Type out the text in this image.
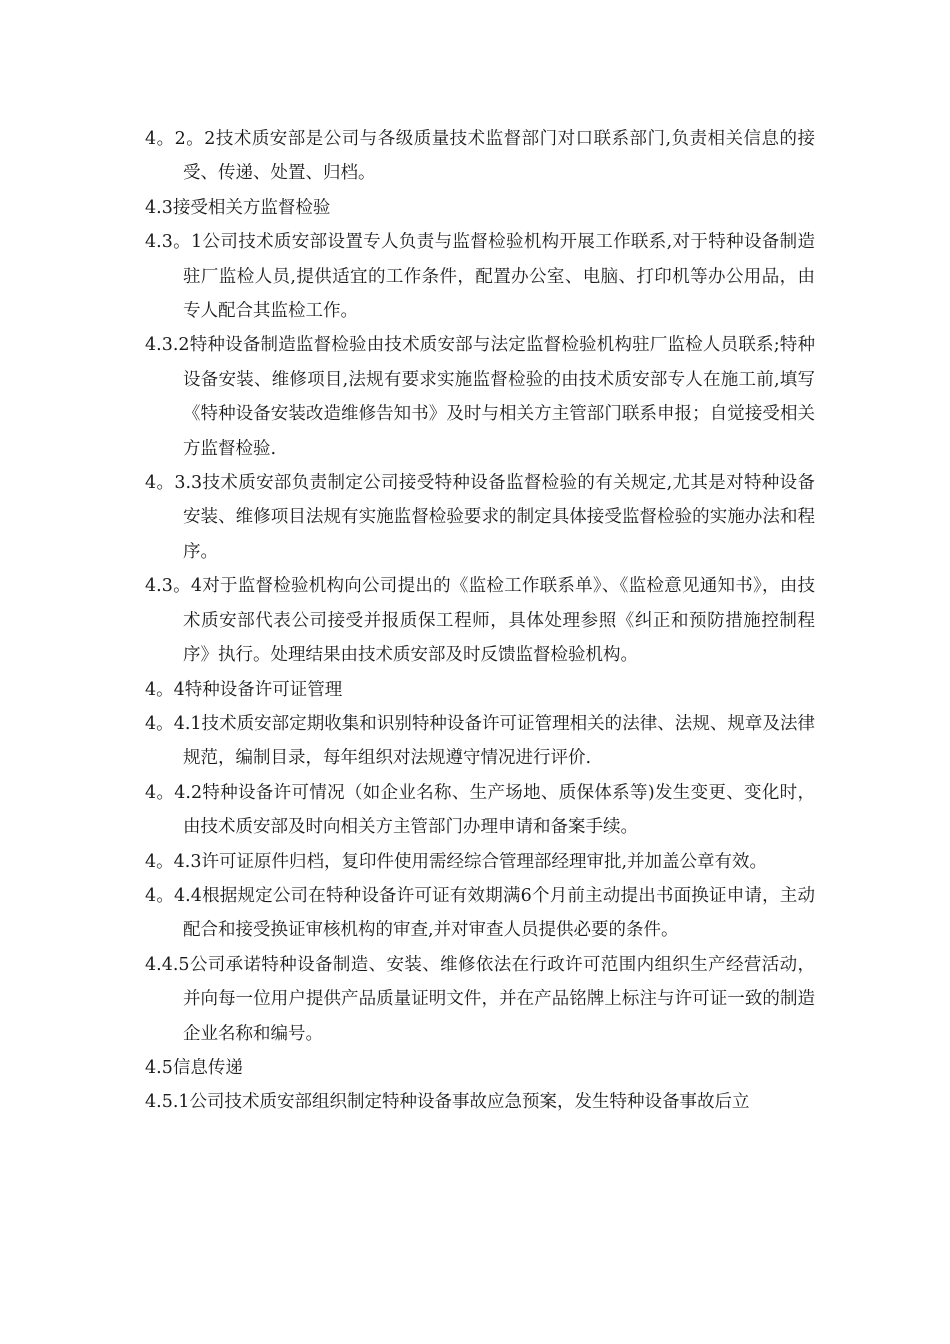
4。2。2技术质安部是公司与各级质量技术监督部门对口联系部门,负责相关信息的接受、传递、处置、归档。

4.3接受相关方监督检验

4.3。1公司技术质安部设置专人负责与监督检验机构开展工作联系,对于特种设备制造驻厂监检人员,提供适宜的工作条件，配置办公室、电脑、打印机等办公用品，由专人配合其监检工作。

4.3.2特种设备制造监督检验由技术质安部与法定监督检验机构驻厂监检人员联系;特种设备安装、维修项目,法规有要求实施监督检验的由技术质安部专人在施工前,填写《特种设备安装改造维修告知书》及时与相关方主管部门联系申报；自觉接受相关方监督检验.

4。3.3技术质安部负责制定公司接受特种设备监督检验的有关规定,尤其是对特种设备安装、维修项目法规有实施监督检验要求的制定具体接受监督检验的实施办法和程序。

4.3。4对于监督检验机构向公司提出的《监检工作联系单》、《监检意见通知书》，由技术质安部代表公司接受并报质保工程师，具体处理参照《纠正和预防措施控制程序》执行。处理结果由技术质安部及时反馈监督检验机构。

4。4特种设备许可证管理

4。4.1技术质安部定期收集和识别特种设备许可证管理相关的法律、法规、规章及法律规范，编制目录，每年组织对法规遵守情况进行评价.

4。4.2特种设备许可情况（如企业名称、生产场地、质保体系等)发生变更、变化时，由技术质安部及时向相关方主管部门办理申请和备案手续。

4。4.3许可证原件归档，复印件使用需经综合管理部经理审批,并加盖公章有效。

4。4.4根据规定公司在特种设备许可证有效期满6个月前主动提出书面换证申请，主动配合和接受换证审核机构的审查,并对审查人员提供必要的条件。

4.4.5公司承诺特种设备制造、安装、维修依法在行政许可范围内组织生产经营活动，并向每一位用户提供产品质量证明文件，并在产品铭牌上标注与许可证一致的制造企业名称和编号。

4.5信息传递

4.5.1公司技术质安部组织制定特种设备事故应急预案，发生特种设备事故后立
